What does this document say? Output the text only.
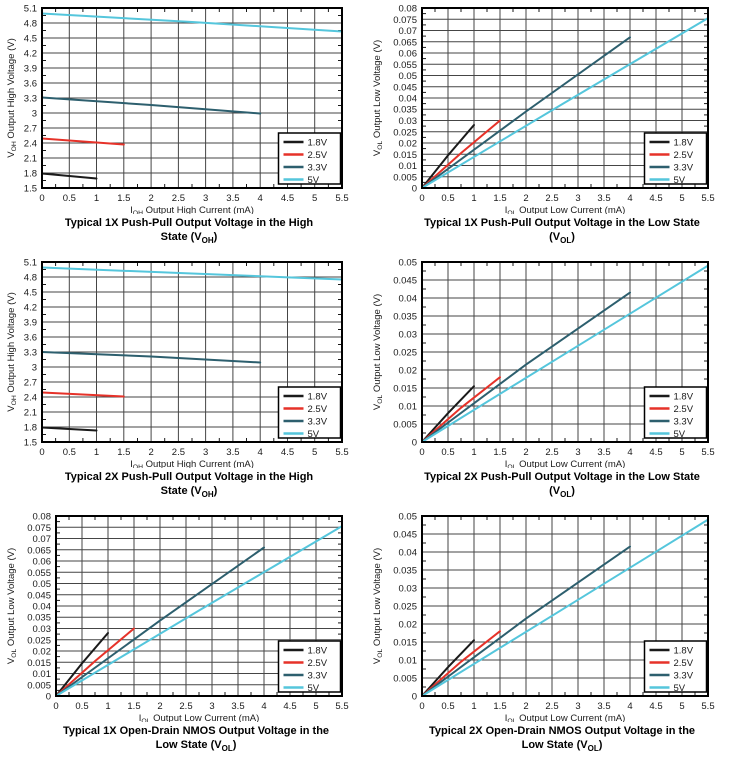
0 0.5 1 1.5 2 2.5 3 3.5 4 4.5 5 5.5
1.5
1.8
2.1
2.4
2.7
3
3.3
3.6
3.9
4.2
4.5
4.8
5.1
$I_{OH}$ Output High Current (mA)
$V_{OH}$ Output High Voltage (V)
1.8V
2.5V
3.3V
5V
Typical 1X Push-Pull Output Voltage in the High
State $(V_{OH})$
0 0.5 1 1.5 2 2.5 3 3.5 4 4.5 5 5.5
0
0.005
0.01
0.015
0.02
0.025
0.03
0.035
0.04
0.045
0.05
0.055
0.06
0.065
0.07
0.075
0.08
$I_{OL}$ Output Low Current (mA)
$V_{OL}$ Output Low Voltage (V)
1.8V
2.5V
3.3V
5V
Typical 1X Push-Pull Output Voltage in the Low State
$(V_{OL})$
0 0.5 1 1.5 2 2.5 3 3.5 4 4.5 5 5.5
1.5
1.8
2.1
2.4
2.7
3
3.3
3.6
3.9
4.2
4.5
4.8
5.1
$I_{OH}$ Output High Current (mA)
$V_{OH}$ Output High Voltage (V)
1.8V
2.5V
3.3V
5V
Typical 2X Push-Pull Output Voltage in the High
State $(V_{OH})$
0 0.5 1 1.5 2 2.5 3 3.5 4 4.5 5 5.5
0
0.005
0.01
0.015
0.02
0.025
0.03
0.035
0.04
0.045
0.05
$I_{OL}$ Output Low Current (mA)
$V_{OL}$ Output Low Voltage (V)
1.8V
2.5V
3.3V
5V
Typical 2X Push-Pull Output Voltage in the Low State
$(V_{OL})$
0 0.5 1 1.5 2 2.5 3 3.5 4 4.5 5 5.5
0
0.005
0.01
0.015
0.02
0.025
0.03
0.035
0.04
0.045
0.05
0.055
0.06
0.065
0.07
0.075
0.08
$I_{OL}$ Output Low Current (mA)
$V_{OL}$ Output Low Voltage (V)
1.8V
2.5V
3.3V
5V
Typical 1X Open-Drain NMOS Output Voltage in the
Low State $(V_{OL})$
0 0.5 1 1.5 2 2.5 3 3.5 4 4.5 5 5.5
0
0.005
0.01
0.015
0.02
0.025
0.03
0.035
0.04
0.045
0.05
$I_{OL}$ Output Low Current (mA)
$V_{OL}$ Output Low Voltage (V)
1.8V
2.5V
3.3V
5V
Typical 2X Open-Drain NMOS Output Voltage in the
Low State $(V_{OL})$
